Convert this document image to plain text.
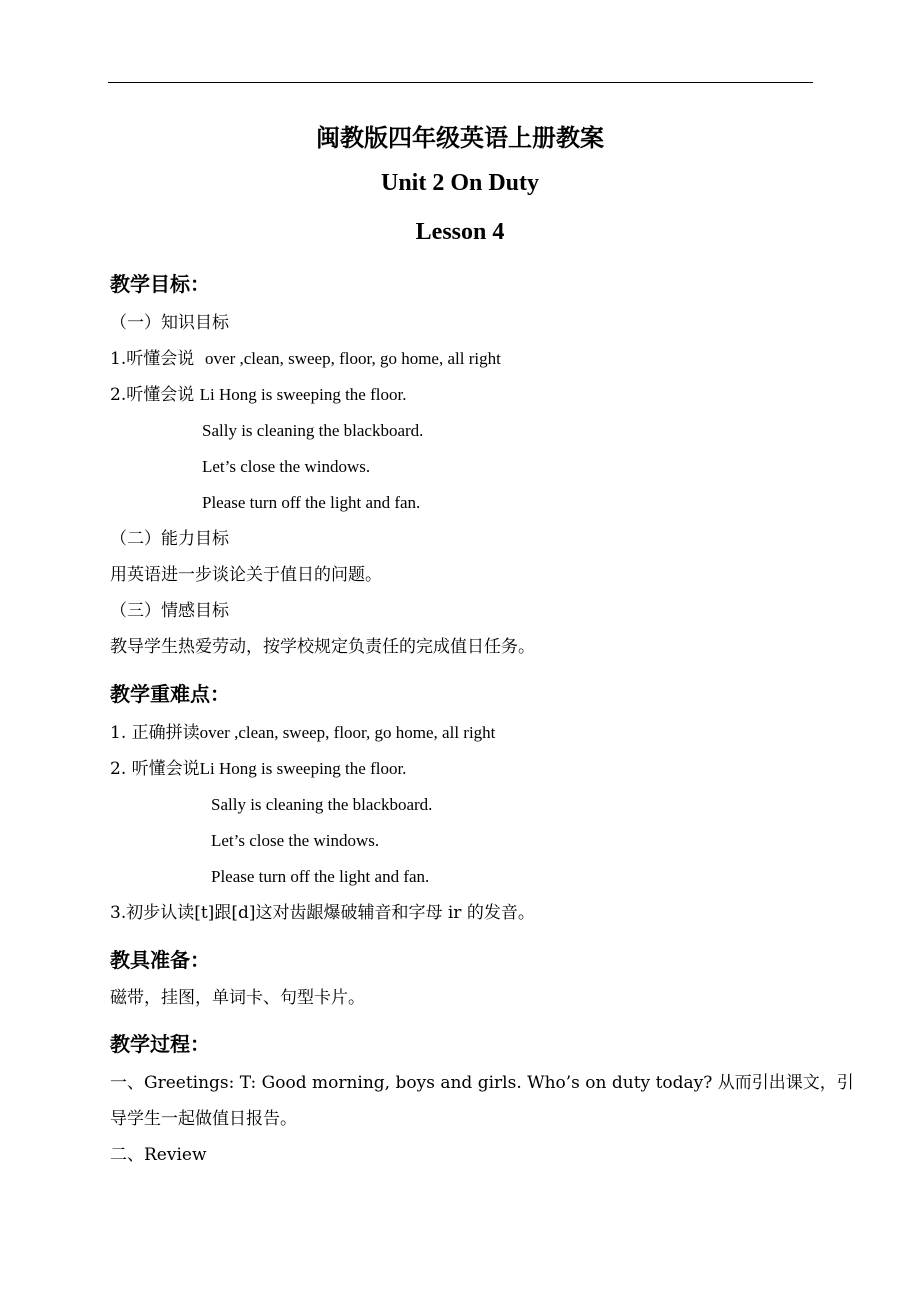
闽教版四年级英语上册教案
Unit 2 On Duty
Lesson 4
教学目标：
（一）知识目标
1.听懂会说 over ,clean, sweep, floor, go home, all right
2.听懂会说 Li Hong is sweeping the floor.
Sally is cleaning the blackboard.
Let’s close the windows.
Please turn off the light and fan.
（二）能力目标
用英语进一步谈论关于值日的问题。
（三）情感目标
教导学生热爱劳动，按学校规定负责任的完成值日任务。
教学重难点：
1. 正确拼读over ,clean, sweep, floor, go home, all right
2. 听懂会说Li Hong is sweeping the floor.
Sally is cleaning the blackboard.
Let’s close the windows.
Please turn off the light and fan.
3.初步认读[t]跟[d]这对齿龈爆破辅音和字母 ir 的发音。
教具准备：
磁带，挂图，单词卡、句型卡片。
教学过程：
一、Greetings: T: Good morning, boys and girls. Who’s on duty today? 从而引出课文，引
导学生一起做值日报告。
二、Review
